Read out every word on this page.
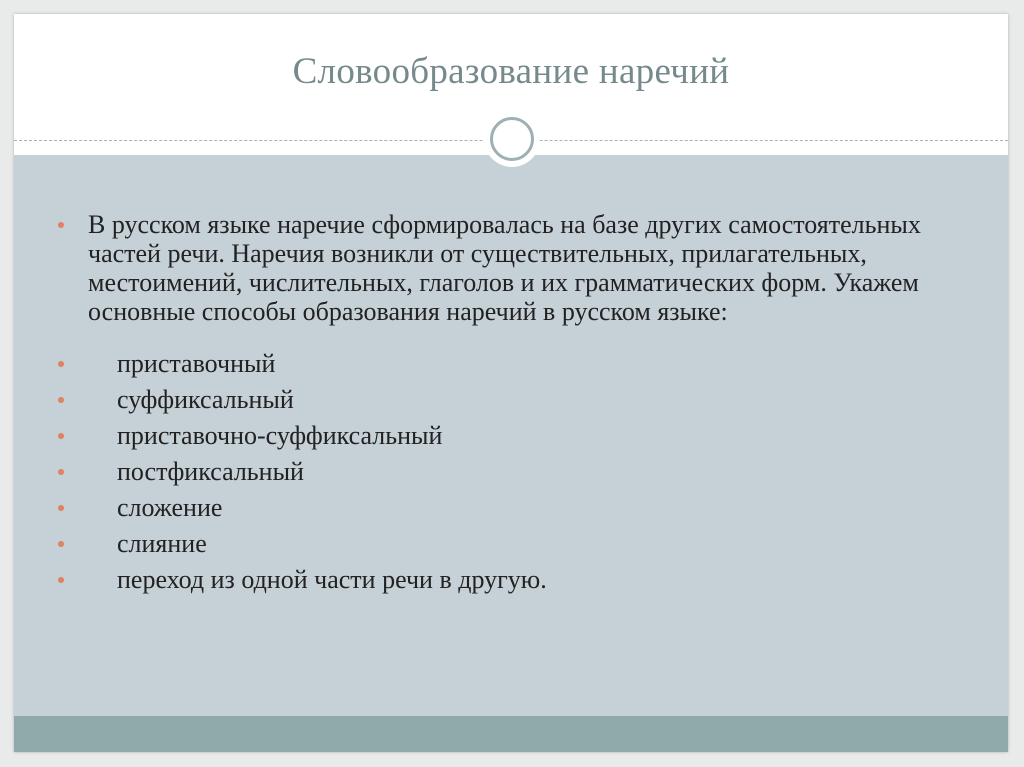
Словообразование наречий
В русском языке наречие сформировалась на базе других самостоятельных частей речи. Наречия возникли от существительных, прилагательных, местоимений, числительных, глаголов и их грамматических форм. Укажем основные способы образования наречий в русском языке:
приставочный
суффиксальный
приставочно-суффиксальный
постфиксальный
сложение
слияние
переход из одной части речи в другую.
